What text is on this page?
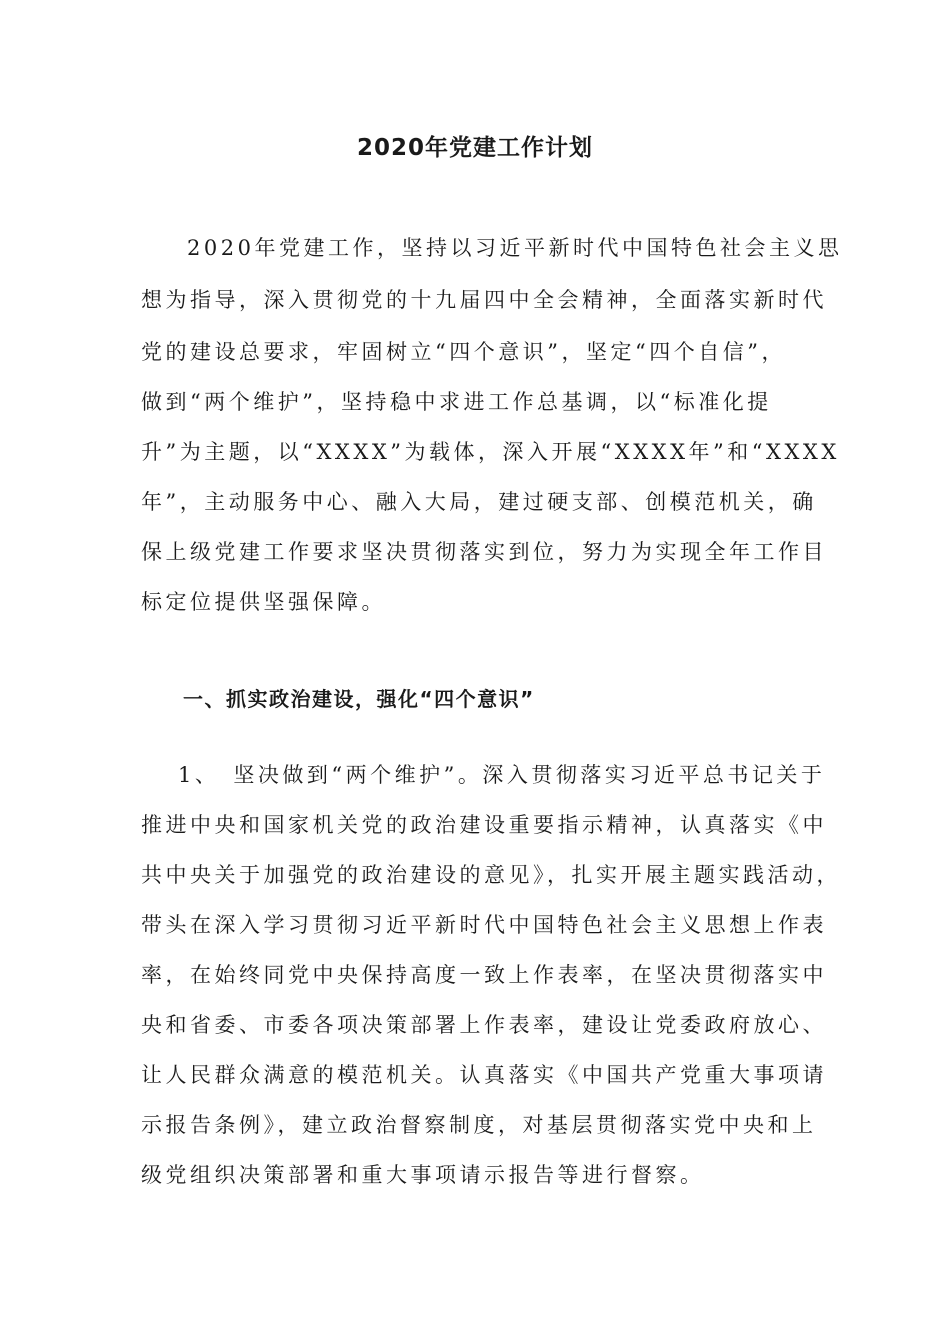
2020年党建工作计划
2020年党建工作，坚持以习近平新时代中国特色社会主义思
想为指导，深入贯彻党的十九届四中全会精神，全面落实新时代
党的建设总要求，牢固树立“四个意识”，坚定“四个自信”，
做到“两个维护”，坚持稳中求进工作总基调，以“标准化提
升”为主题，以“XXXX”为载体，深入开展“XXXX年”和“XXXX
年”，主动服务中心、融入大局，建过硬支部、创模范机关，确
保上级党建工作要求坚决贯彻落实到位，努力为实现全年工作目
标定位提供坚强保障。
一、抓实政治建设，强化“四个意识”
1、　坚决做到“两个维护”。深入贯彻落实习近平总书记关于
推进中央和国家机关党的政治建设重要指示精神，认真落实《中
共中央关于加强党的政治建设的意见》，扎实开展主题实践活动，
带头在深入学习贯彻习近平新时代中国特色社会主义思想上作表
率，在始终同党中央保持高度一致上作表率，在坚决贯彻落实中
央和省委、市委各项决策部署上作表率，建设让党委政府放心、
让人民群众满意的模范机关。认真落实《中国共产党重大事项请
示报告条例》，建立政治督察制度，对基层贯彻落实党中央和上
级党组织决策部署和重大事项请示报告等进行督察。
